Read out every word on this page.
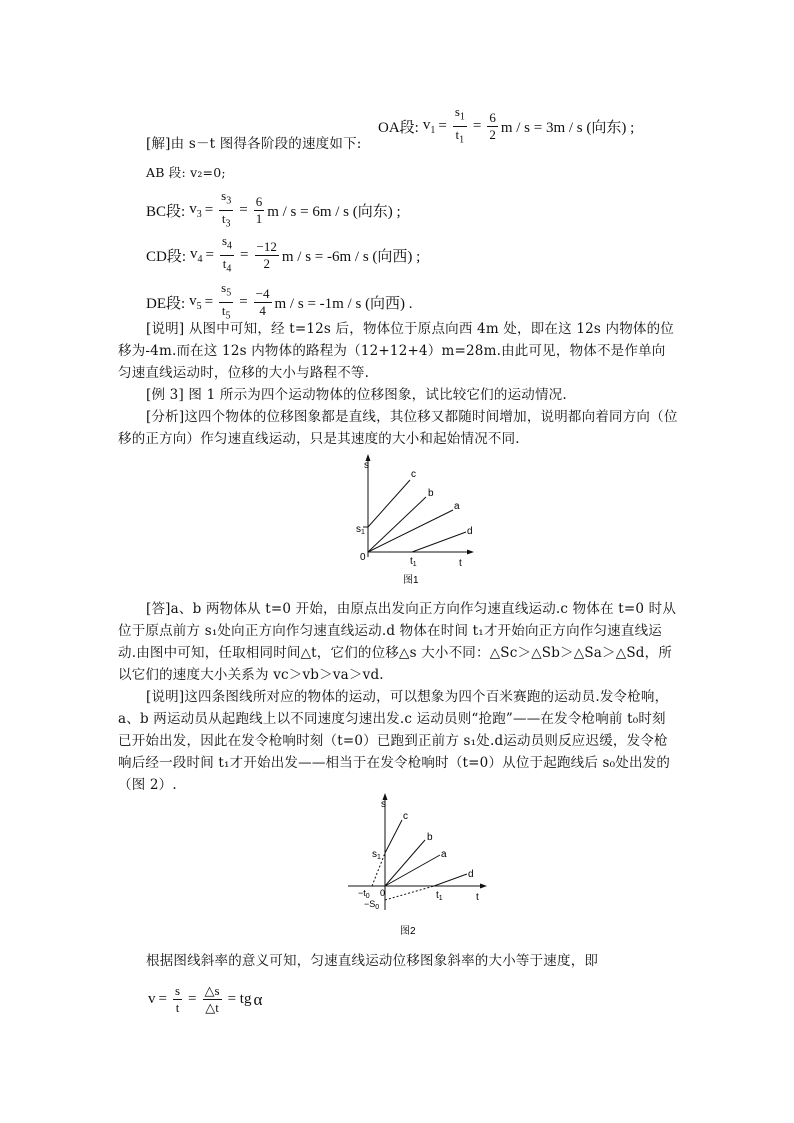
OA段: $v_1 = \frac{s_1}{t_1} = \frac{6}{2}$ m / s = 3m / s (向东) ;
[解]由 s－t 图得各阶段的速度如下:
AB 段: v₂=0;
BC段: $v_3 = \frac{s_3}{t_3} = \frac{6}{1}$ m / s = 6m / s (向东) ;
CD段: $v_4 = \frac{s_4}{t_4} = \frac{-12}{2}$ m / s = -6m / s (向西) ;
DE段: $v_5 = \frac{s_5}{t_5} = \frac{-4}{4}$ m / s = -1m / s (向西) .
[说明] 从图中可知，经 t=12s 后，物体位于原点向西 4m 处，即在这 12s 内物体的位移为-4m.而在这 12s 内物体的路程为（12+12+4）m=28m.由此可见，物体不是作单向匀速直线运动时，位移的大小与路程不等.
[例 3] 图 1 所示为四个运动物体的位移图象，试比较它们的运动情况.
[分析]这四个物体的位移图象都是直线，其位移又都随时间增加，说明都向着同方向（位移的正方向）作匀速直线运动，只是其速度的大小和起始情况不同.
s
$s_1$
0	$t_1$	t
c
b
a
d
图1
[答]a、b 两物体从 t=0 开始，由原点出发向正方向作匀速直线运动.c 物体在 t=0 时从位于原点前方 s₁处向正方向作匀速直线运动.d 物体在时间 t₁才开始向正方向作匀速直线运动.由图中可知，任取相同时间△t，它们的位移△s 大小不同：△Sc＞△Sb＞△Sa＞△Sd，所以它们的速度大小关系为 vc＞vb＞va＞vd.
[说明]这四条图线所对应的物体的运动，可以想象为四个百米赛跑的运动员.发令枪响，a、b 两运动员从起跑线上以不同速度匀速出发.c 运动员则“抢跑”——在发令枪响前 t₀时刻已开始出发，因此在发令枪响时刻（t=0）已跑到正前方 s₁处.d运动员则反应迟缓，发令枪响后经一段时间 t₁才开始出发——相当于在发令枪响时（t=0）从位于起跑线后 s₀处出发的（图 2）.
s
$s_1$
$-t_0$ 0
$-S_0$
$t_1$	t
c
b
a
d
图2
根据图线斜率的意义可知，匀速直线运动位移图象斜率的大小等于速度，即
$v = \frac{s}{t} = \frac{\triangle s}{\triangle t}$ = tg α
